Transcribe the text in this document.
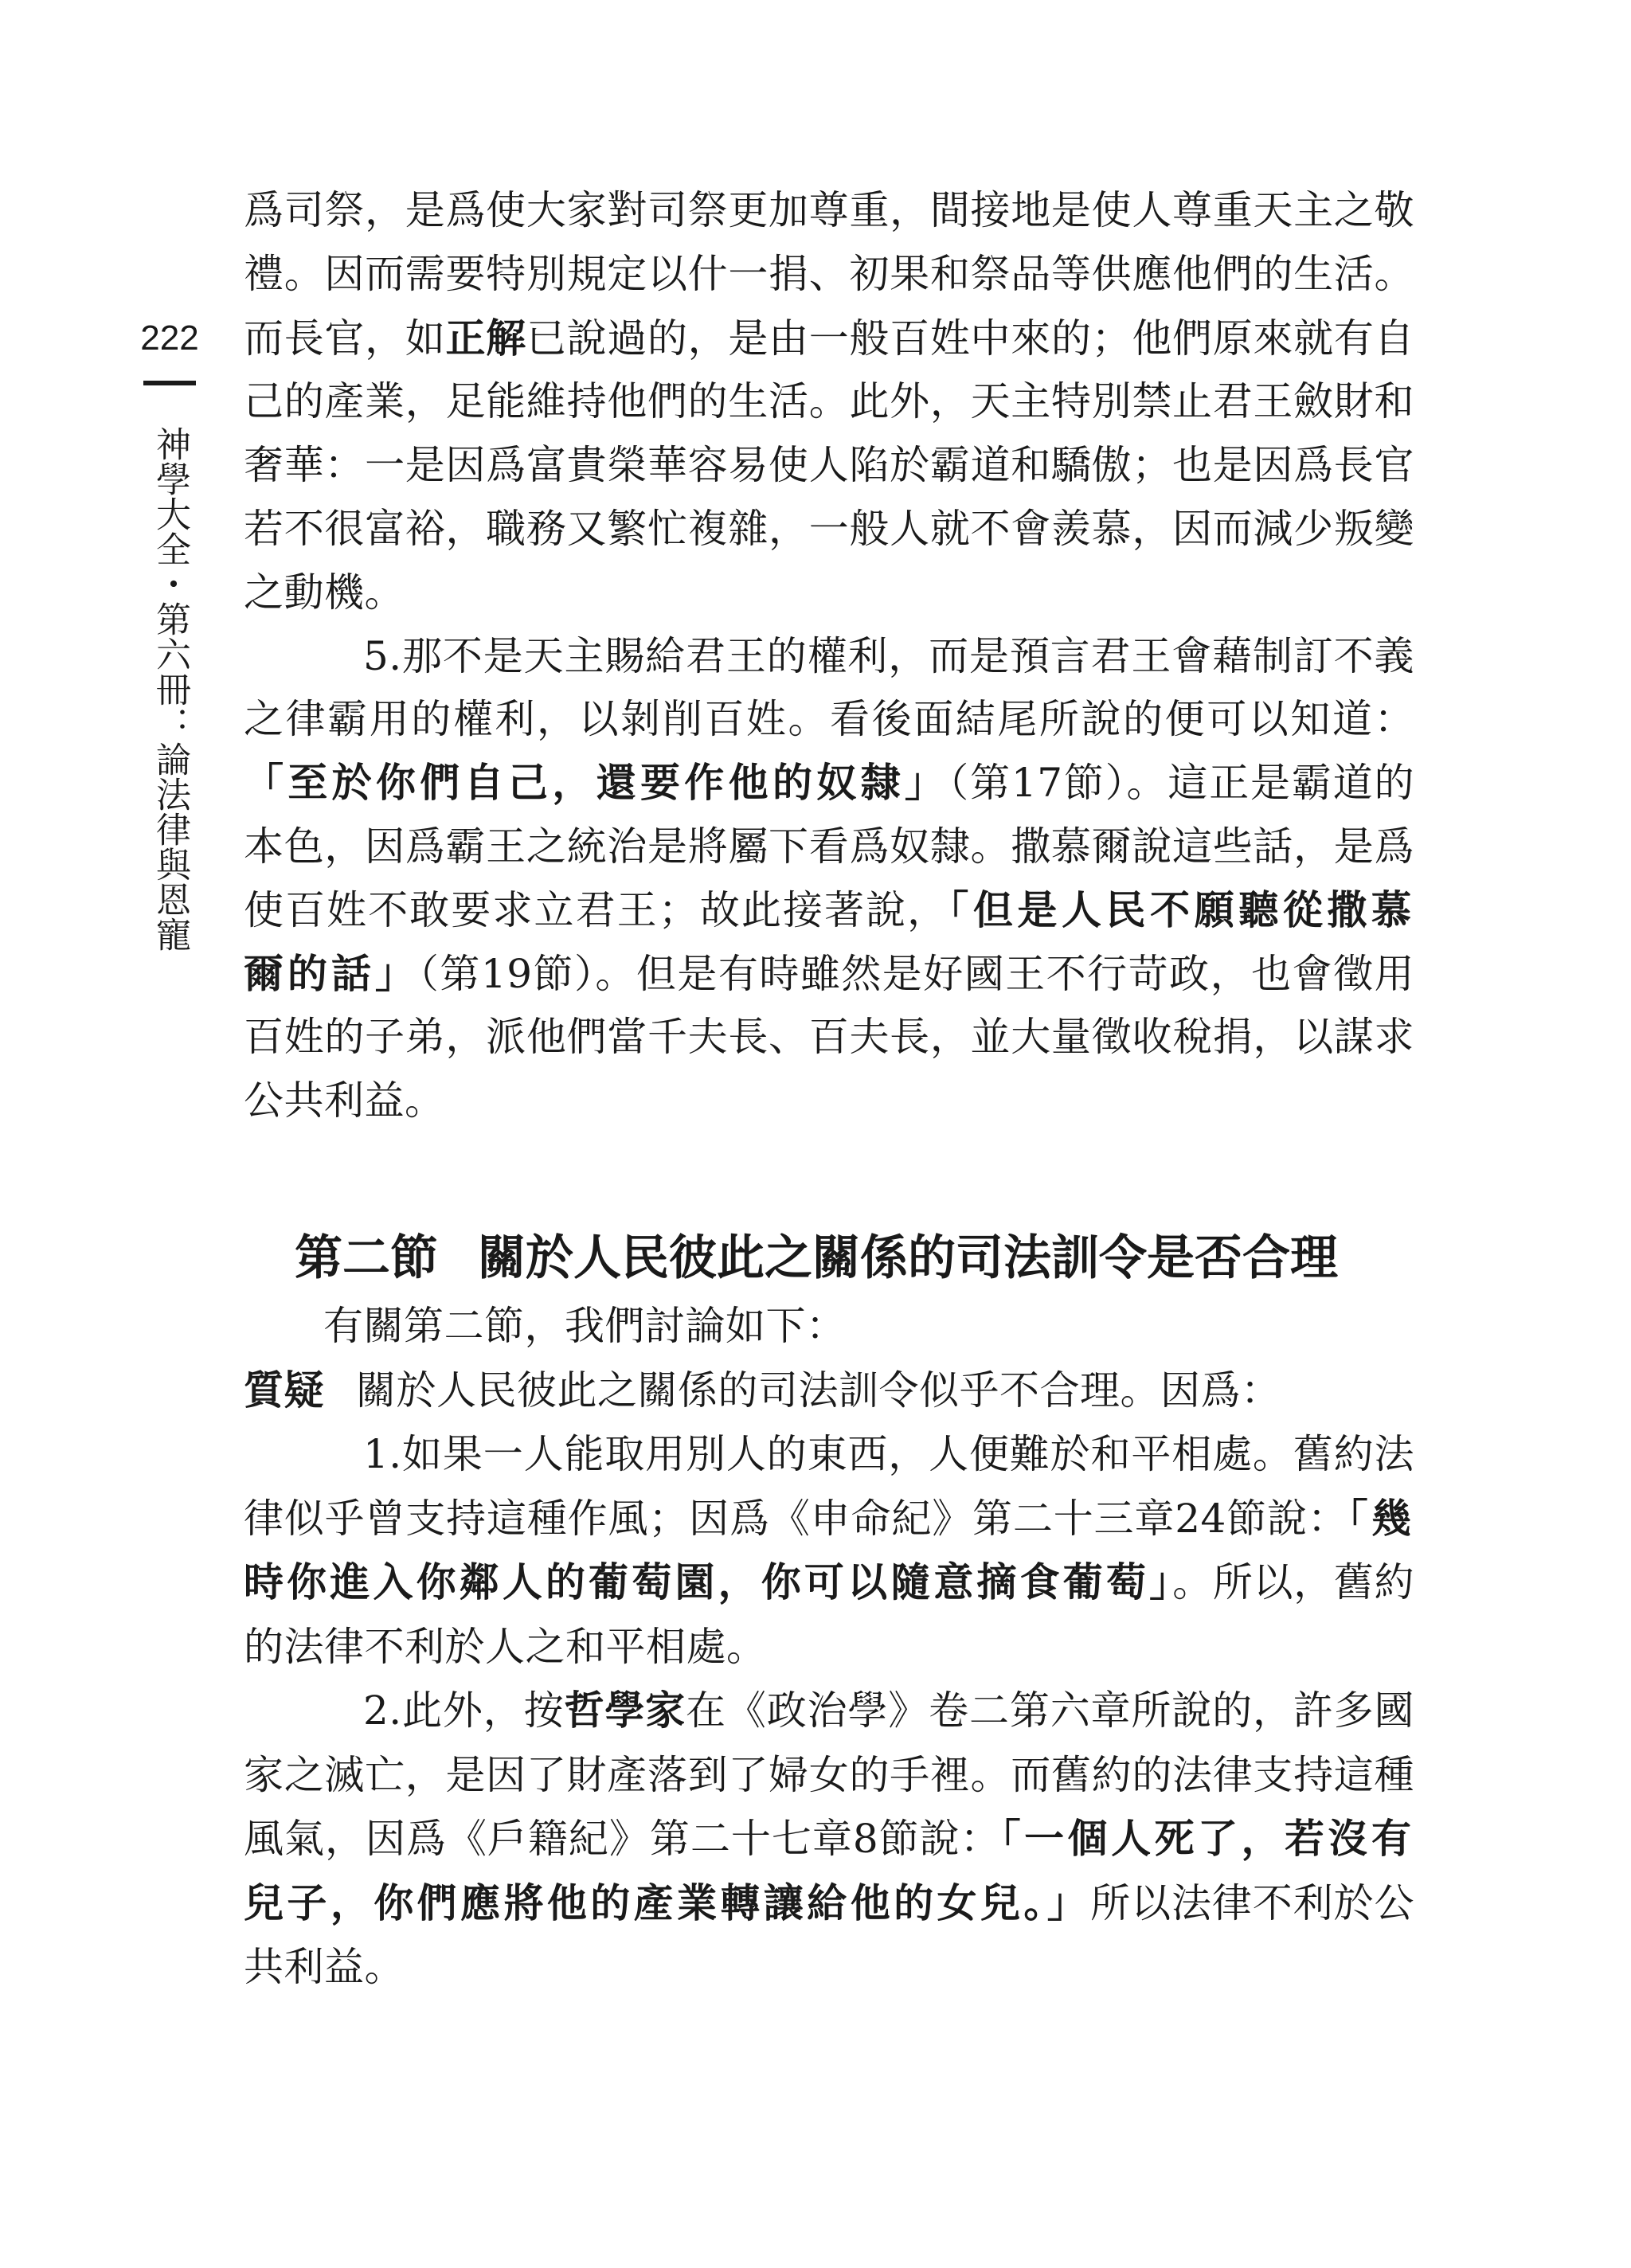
222
神學大全・第六冊：論法律與恩寵

爲司祭，是爲使大家對司祭更加尊重，間接地是使人尊重天主之敬禮。因而需要特別規定以什一捐、初果和祭品等供應他們的生活。而長官，如正解已說過的，是由一般百姓中來的；他們原來就有自己的產業，足能維持他們的生活。此外，天主特別禁止君王斂財和奢華：一是因爲富貴榮華容易使人陷於霸道和驕傲；也是因爲長官若不很富裕，職務又繁忙複雜，一般人就不會羨慕，因而減少叛變之動機。

5.那不是天主賜給君王的權利，而是預言君王會藉制訂不義之律霸用的權利，以剝削百姓。看後面結尾所說的便可以知道：「至於你們自己，還要作他的奴隸」（第17節）。這正是霸道的本色，因爲霸王之統治是將屬下看爲奴隸。撒慕爾說這些話，是爲使百姓不敢要求立君王；故此接著說，「但是人民不願聽從撒慕爾的話」（第19節）。但是有時雖然是好國王不行苛政，也會徵用百姓的子弟，派他們當千夫長、百夫長，並大量徵收稅捐，以謀求公共利益。

第二節 關於人民彼此之關係的司法訓令是否合理

有關第二節，我們討論如下：

質疑 關於人民彼此之關係的司法訓令似乎不合理。因爲：

1.如果一人能取用別人的東西，人便難於和平相處。舊約法律似乎曾支持這種作風；因爲《申命紀》第二十三章24節說：「幾時你進入你鄰人的葡萄園，你可以隨意摘食葡萄」。所以，舊約的法律不利於人之和平相處。

2.此外，按哲學家在《政治學》卷二第六章所說的，許多國家之滅亡，是因了財產落到了婦女的手裡。而舊約的法律支持這種風氣，因爲《戶籍紀》第二十七章8節說：「一個人死了，若沒有兒子，你們應將他的產業轉讓給他的女兒。」所以法律不利於公共利益。
